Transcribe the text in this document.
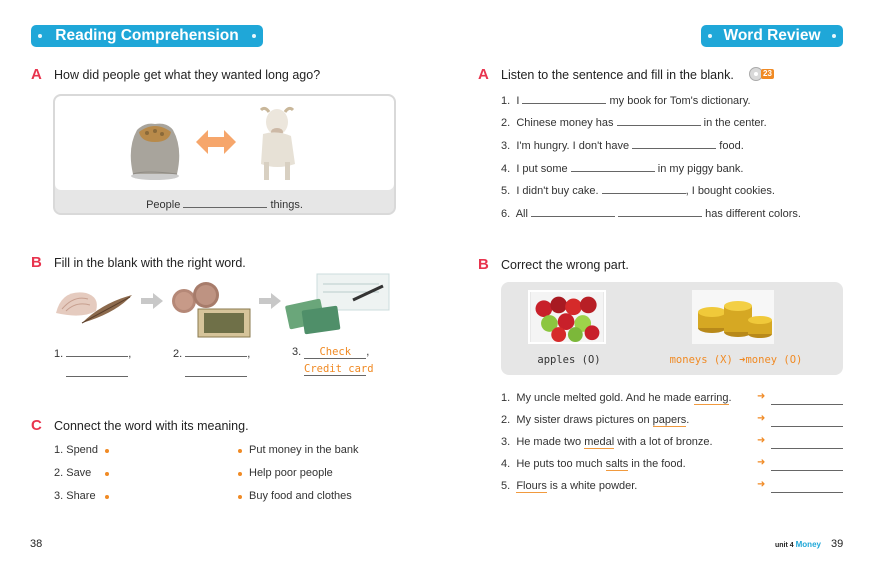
Reading Comprehension
A How did people get what they wanted long ago?
People	things.
B Fill in the blank with the right word.
1.	,	2.	,	3. Check ,
Credit card
C Connect the word with its meaning.
1. Spend
2. Save
3. Share
Put money in the bank
Help poor people
Buy food and clothes
38
Word Review
A Listen to the sentence and fill in the blank.	23
1. I	my book for Tom's dictionary.
2. Chinese money has	in the center.
3. I'm hungry. I don't have	food.
4. I put some	in my piggy bank.
5. I didn't buy cake.	, I bought cookies.
6. All	has different colors.
B Correct the wrong part.
apples (O)	moneys (X) ➜money (O)
1. My uncle melted gold. And he made earring.
2. My sister draws pictures on papers.
3. He made two medal with a lot of bronze.
4. He puts too much salts in the food.
5. Flours is a white powder.
➜
➜
➜
➜
➜
unit 4 Money 39
